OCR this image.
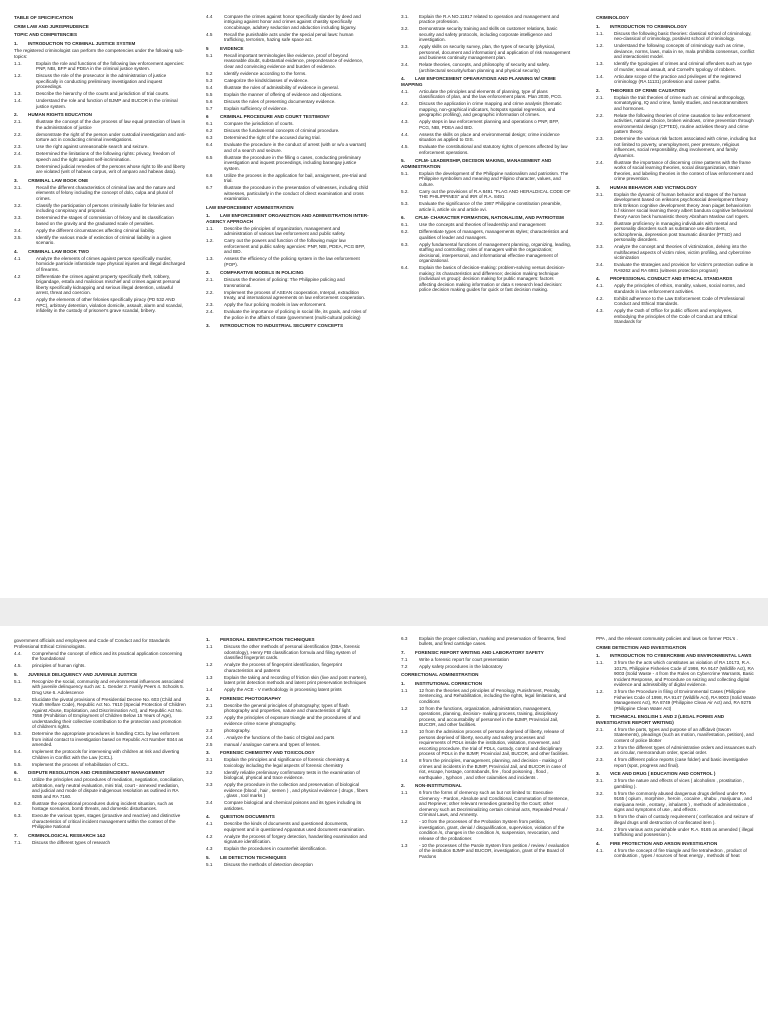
TABLE OF SPECIFICATION

CRIM LAW AND JURISPRUDENCE

TOPIC AND COMPETENCIES

1. INTRODUCTION TO CRIMINAL JUSTICE SYSTEM

The registered criminologist can perform the competencies under the following sub-topics:

1.1.	Explain the role and functions of the following law enforcement agencies: PNP, NBI, BFP and PDEA in the criminal justice system.

1.2.	Discuss the role of the prosecutor in the administration of justice specifically in conducting preliminary investigation and inquest proceedings.

1.3.	Describe the hierarchy of the courts and jurisdiction of trial courts.

1.4.	Understand the role and function of BJMP and BUCOR in the criminal justice system.

2. HUMAN RIGHTS EDUCATION

2.1.	Illustrate the concept of the due process of law equal protection of laws in the administration of justice

2.2.	demonstrate the right of the person under custodial investigation and anti-torture act in conducting criminal investigations.

2.3.	Use the right against unreasonable search and seizure.

2.4.	Determined the limitations of the following rights: privacy, freedom of speech and the right against self-incrimination.

2.5.	Determined judicial remedies of the persons whose right to life and liberty are violated (writ of habeas corpus, writ of amparo and habeas data).

3. CRIMINAL LAW BOOK ONE

3.1.	Recall the different characteristics of criminal law and the nature and elements of felony including the concept of dolo, culpa and plural of crimes.

3.2.	Classify the participation of persons criminally liable for felonies and including conspiracy and proposal.

3.3.	Determined the stages of commission of felony and its classification based on the gravity and the graduated scale of penalties.

3.4.	Apply the different circumstances affecting criminal liability.

3.5.	Identify the various mode of extinction of criminal liability in a given scenario.

4. CRIMINAL LAW BOOK TWO

4.1	Analyze the elements of crimes against person specifically murder, homicide parricide infanticide rape physical injuries and illegal discharged of firearms.

4.2	Differentiate the crimes against property specifically theft, robbery, brigandage, estafa and malicious mischief and crimes against personal liberty specifically kidnapping and serious illegal detention, unlawful arrest, threat and coercion.

4.3	Apply the elements of other felonies specifically piracy (PD 532 AND RPC), arbitrary detention, violation domicile, assault, alarm and scandal, infidelity in the custody of prisoner's grave scandal, bribery.

4.4	Compare the crimes against honor specifically slander by deed and intriguing against honor and crimes against chastity specifically concubinage, adultery seduction and abduction including bigamy.

4.5	Recall the punishable acts under the special penal laws: human trafficking, terrorism, hazing safe space act.

5 EVIDENCE

5.1	Recall important terminologies like evidence, proof of beyond reasonable doubt, substantial evidence, preponderance of evidence, clear and convincing evidence and burden of evidence.

5.2	Identify evidence according to the forms.

5.3	Categorize the kinds/classes of evidence.

5.4	Illustrate the rules of admissibility of evidence in general.

5.5	Explain the manner of offering of evidence and objections.

5.6	Discuss the rules of presenting documentary evidence.

5.7	Explain sufficiency of evidence.

6 CRIMINAL PROCEDURE AND COURT TESTIMONY

6.1	Compare the jurisdiction of courts.

6.2	Discuss the fundamental concepts of criminal procedure.

6.3	Determined the right of the accused during trial.

6.4	Evaluate the procedure in the conduct of arrest (with or w/o a warrant) and of a search and seizure.

6.5	Illustrate the procedure in the filling o cases, conducting preliminary investigation and inquest proceedings, including barangay justice system.

6.6	Utilize the process in the application for bail, arraignment, pre-trial and trial.

6.7	Illustrate the procedure in the presentation of witnesses, including child witnesses, particularly in the conduct of direct examination and cross examination.

LAW ENFORCEMENT ADMINISTRATION

1. LAW ENFORCEMENT ORGANIZTION AND ADMINISTRATION INTER-AGENCY APPROACH

1.1.	Describe the principles of organization, management and administration of various law enforcement and public safety.

1.2.	Carry out the powers and function of the following major law enforcement and public safety agencies: PNP, NBI, PDEA, PCG BFP, and BID.

1.3.	Assess the efficiency of the policing system in the law enforcement (POP).

2. COMPARATIVE MODELS IN POLICING

2.1.	Discuss the theories of policing: The Philippine policing and transnational.

2.2.	Implement the process of ASEAN cooperation, Interpol, extradition treaty, and international agreements on law enforcement cooperation.

2.3.	Apply the four policing models in law enforcement.

2.4.	Evaluate the importance of policing in social life, its goals, and roles of the police in the affairs of state (government (multi-cultural policing)

3. INTRODUCTION TO INDUSTRIAL SECURITY CONCEPTS

3.1.	Explain the R.A NO.11917 related to operation and management and practice profession.

3.2.	Demonstrate security training and skills on customer relations, basic security and safety protocols, including corporate intelligence and investigation.

3.3.	Apply skills on security survey, plan, the types of security (physical, personnel, document and information) and application of risk management and business continuity management plan.

3.4.	Relate theories, concepts, and philosophy of security and safety. (architectural security/urban planning and physical security)

4. LAW ENFORCEMENT OPEARATIONS AND PLANNING W/ CRIME MAPPING

4.1.	Articulate the principles and elements of planning, type of plans classification of plan, and the law enforcement plans. Plan 2030, PCG.

4.2.	Discuss the application in crime mapping and crime analysis (thematic mapping, non-graphical indicators, hotspots spatial regression, and geographic profiling), and geographic information of crimes.

4.3.	Apply steps in law enforcement planning and operations o PNP, BFP, PCG, NBI, PDEA and BID.

4.4.	Assess the skills on place and environmental design; crime incidence situation as applied to GIS.

4.5.	Evaluate the constitutional and statutory rights of persons affected by law enforcement operations.

5. CFLM- LEADERSHIP, DECISION MAKING, MANAGEMENT AND ADMINISTRATION

5.1.	Explain the development of the Philippine nationalism and patriotism. The Philippine symbolism and meaning and Filipino character, values, and culture.

5.2.	Carry out the provisions of R.A 8491 "FLAG AND HERALDICAL CODE OF THE PHILIPPINES" and IRR of R.A. 8491

5.3.	Evaluate the significance of the 1987 Philippine constitution preamble, article ii, article xiv and article xvi.

6. CFLM- CHARACTER FORMATION, NATIONALISM, AND PATRIOTISM

6.1.	Use the concepts and theories of leadership and management

6.2.	Differentiate types of managers, managements styles; characteristics and qualities of leader and managers.

6.3.	Apply fundamental functions of management planning, organizing, leading, staffing and controlling; roles of managers within the organization; decisional, interpersonal, and informational effective management of organizational.

6.4.	Explain the basics of decision-making: problem-solving versus decision-making: its characteristics and difference; decision making technique (individual vs group): decision making for public managers: factors affecting decision making information or data s research lead decision: police decision making guides for quick or fast decision making.

CRIMINOLOGY

1. INTRODUCTION TO CRIMINOLOGY

1.1.	Discuss the following basic theories: classical school of criminology, neo-classical of criminology, positivist school of criminology.

1.2.	Understand the following concepts of criminology such as crime, deviance, norms, laws, mala in se, mala prohibita consensus, conflict and interactionist model.

1.3.	Identify the typologies of crimes and criminal offenders such as type of murder, sexual assault, and Cornell's typology of robbers.

1.4.	Articulate scope of the practice and privileges of the registered criminology (RA 11131) profession and career paths.

2. THEORIES OF CRIME CAUSATION

2.1.	Explain the trait theories of crime such as: criminal anthropology, somatotyping, IQ and crime, family studies, and neurotransmitters and hormones.

2.2.	Relate the following theories of crime causation to law enforcement activities, national choice, broken windows, crime prevention through environmental design (CPTED), routine activities theory and crime pattern theory.

2.3.	Determine the various risk factors associated with crime, including but not limited to poverty, unemployment, peer pressure, religious influences, social responsibility, drug involvement, and family dynamics.

2.4.	Illustrate the importance of discerning crime patterns with the frame works of social learning theories, social disorganization, strain theories, and labeling theories in the context of law enforcement and crime prevention.

3. HUMAN BEHAVIOR AND VICTIMOLOGY

3.1.	Explain the dynamic of human behavior and stages of the human development based on eriksons psychosocial development theory Erik Erikson cognitive development theory Jean piaget behaviorism b.f skinner social learning theory albert bandura cognitive behavioral theory Aaron beck humanistic theory Abraham Maslow carl rogers.

3.2.	Illustrate proficiency in managing individuals with mental and personality disorders such as substance use disorders, schizophrenia, depression post traumatic disorder (PTSD) and personality disorders.

3.3.	Analyze the concept and theories of victimization, delving into the multifaceted aspects of victim roles, victim profiling, and cybercrime victimization

3.4.	Evaluate the strategies and provision for victim's protection outline in RA9262 and RA 6981 (witness protection program)

4. PROFESSIONAL CONDUCT AND ETHICAL STANDARDS

4.1.	Apply the principles of ethics, morality, values, social norms, and standards in law enforcement activities.

4.2.	Exhibit adherence to the Law Enforcement Code of Professional Conduct and Ethical Standards.

4.3.	Apply the Oath of Office for public officers and employees, embodying the principles of the Code of Conduct and Ethical Standards for

government officials and employees and Code of Conduct and for Standards Professional Ethical Criminologists.

4.4.	Comprehend the concept of ethics and its practical application concerning the foundational

4.5.	principles of human rights.

5. JUVENILE DELIQUENCY AND JUVENILE JUSTICE

5.1.	Recognize the social, community and environmental influences associated with juvenile delinquency such as: 1. Gender 2. Family Peers 4. Schools 5. Drug Use 6. Adolescence

5.2.	Elucidate the pivotal provisions of Presidential Decree No. 603 (Child and Youth Welfare Code), Republic Act No. 7610 (Special Protection of Children Against Abuse, Exploitation, and Discrimination Act), and Republic Act No. 7658 (Prohibition of Employment of Children Below 15 Years of Age), understanding their collective contribution to the protection and promotion of children's rights.

5.3.	Determine the appropriate procedures in handling CICL by law enforcers from initial contact to investigation based on Republic Act Number 9344 as amended.

5.4.	Implement the protocols for intervening with children at risk and diverting Children in Conflict with the Law (CICL).

5.5.	Implement the process of rehabilitation of CICL.

6. DISPUTE RESOLUTION AND CRISIS/INCIDENT MANAGEMENT

6.1.	Utilize the principles and procedures of mediation, negotiation, conciliation, arbitration, early neutral evaluation, mini trial, court - annexed mediation, and judicial and mode of dispute indigenous resolution as outlined in RA 9285 and RA 7160.

6.2.	Illustrate the operational procedures during incident situation, such as hostage scenarios, bomb threats, and domestic disturbances.

6.3.	Execute the various types, stages (proactive and reactive) and distinctive characteristics of critical incident management within the context of the Philippine National

7. CRIMINOLOGICAL RESEARCH 1&2

7.1.	Discuss the different types of research

1. PERSONAL IDENTIFICATION TECHNIQUES

1.1	Discuss the other methods of personal identification (DBA, forensic odontology), Henry FBI classification formula and filing system of classified fingerprint cards.

1.2	Analyze the process of fingerprint identification, fingerprint characteristics and patterns

1.3	Explain the taking and recording of friction skin (live and post mortem), latent print detection methods and latent print preservation techniques

1.4	Apply the ACE - V methodology in processing latent prints

2. FORENSIC PHOTOGRAPHY

2.1	Describe the general principles of photography; types of flash photography and properties, nature and characteristics of light.

2.2	Apply the principles of exposure triangle and the procedures of and evidence crime scene photography.

2.3	photography.

2.4	. Analyze the functions of the basic of Digital and parts

2.5	manual / analogue camera and types of lenses.

3. FORENSIC CHEMISTRY AND TOXICOLOGY

3.1	Explain the principles and significance of forensic chemistry & toxicology including the legal aspects of forensic chemistry

3.2	Identify reliable preliminary confirmatory tests in the examination of biological, physical and trace evidence.

3.3	Apply the procedure in the collection and preservation of biological evidence (blood , hair , semen ) , and physical evidence ( drugs , fibers , glass , tool marks )

3.4	Compare biological and chemical poisons and its types including its antidotes.

4. QUESTION DOCUMENTS

4.1	Describe the kinds of documents and questioned documents, equipment and in questioned Apparatus used document examination.

4.2	Analyze the process of forgery detection, handwriting examination and signature identification.

4.3	Explain the procedures in counterfeit identification.

5. LIE DETECTION TECHNIQUES

5.1	Discuss the methods of detection deception

6.3	Explain the proper collection, marking and preservation of firearms, fired bullets, and fired cartridge cases.

7. FORENSIC REPORT WRITING AND LABORATORY SAFETY

7.1	Write a forensic report for court presentation

7.2	Apply safety procedures in the laboratory

CORRECTIONAL ADMINISTRATION

1. INSTITUTIONAL CORRECTION

1.1	12 from the theories and principles of Penology, Punishment, Penalty, Sentencing, and Rehabilitation, including the rights, legal limitations, and conditions

1.2	10 from the functions, organization, administration, management, operations, planning, decision- making process, training, disciplinary process, and accountability of personnel in the BJMP, Provincial Jail, BUCOR, and other facilities.

1.3	10 from the admission process of persons deprived of liberty, release of persons deprived of liberty, security and safety processes and requirements of PDLs inside the institution, visitation, movement, and escorting procedure, the trial of PDLs, custody, control and disciplinary process of PDLs in the BJMP, Provincial Jail, BUCOR, and other facilities.

1.4	8 from the principles, management, planning, and decision - making of crimes and incidents in the BJMP, Provincial Jail, and BUCOR in case of riot, escape, hostage, contrabands, fire , food poisoning , flood , earthquake , typhoon , and other calamities and incidents .

2. NON-INSTITUTIONAL

1.1	6 from the forms of clemency such as but not limited to: Executive Clemency - Pardon, Absolute and Conditional, Commutation of Sentence, and Reprieve; other relevant remedies granted by the Court; other clemency such as Decriminalizing certain criminal acts, Repealed Penal / Criminal Laws, and Amnesty.

1.2	- 10 from the processes of the Probation System from petition, investigation, grant, denial / disqualification, supervision, violation of the condition /s, changes in the condition /s, suspension, revocation, and release of the probationer.

1.3	- 10 the processes of the Parole System from petition / review / evaluation of the institution BJMP and BUCOR, investigation, grant of the Board of Pardons

PPA , and the relevant community policies and laws on former PDL's .

CRIME DETECTION AND INVESTIGATION

1. INTRODUCTION TO CYBERCRIME AND ENVIRONMENTAL LAWS

1.1.	3 from the the acts which constitutes as violation of RA 10173, R.A. 10175, Philippine Fisheries Code of 1998, RA 9147 (Wildlife Act), RA 9003 (Solid Waste - 4 from the Rules on Cybercrime Warrants, Basic Incident Response, and Procedure on seizing and collecting digital evidence and admissibility of digital evidence.

1.2.	3 from the Procedure in filing of Environmental Cases (Philippine Fisheries Code of 1998, RA 9147 (Wildlife Act), RA 9003 (Solid Waste Management Act), RA 8749 (Philippine Clean Air Act) and, RA 9275 (Philippine Clean Water Act)

2. TECHNICAL ENGLISH 1 AND 2 (LEGAL FORMS AND INVESTIGATIVE REPORT WRITING)

2.1.	4 from the parts, types and purpose of an affidavit (Sworn Statements), pleadings (such as motion, manifestation, petition), and content of police blotter

2.2.	2 from the different types of Administrative orders and issuances such as circular, memorandum order, special order.

2.3.	4 from different police reports (case folder) and basic investigative report (spot, progress and final).

3. VICE AND DRUG ( EDUCATION AND CONTROL )

3.1.	3 from the nature and effects of vices ( alcoholism , prostitution , gambling ).

3.2.	5 from the commonly abused dangerous drugs defined under RA 9165 ( opium , morphine , heroin , cocaine , shabu , marijuana , and marijuana resin , ecstasy , inhalants ) , methods of administration , signs and symptoms of use , and effects .

3.3.	5 from the chain of custody requirement ( confiscation and seizure of illegal drugs until destruction of confiscated item ).

3.4.	2 from various acts punishable under R.A. 9165 as amended ( illegal trafficking and possession ).

4. FIRE PROTECTION AND ARSON INVESTIGATION

4.1.	4 from the concept of fire triangle and fire tetrahedron , product of combustion , types / sources of heat energy , methods of heat
